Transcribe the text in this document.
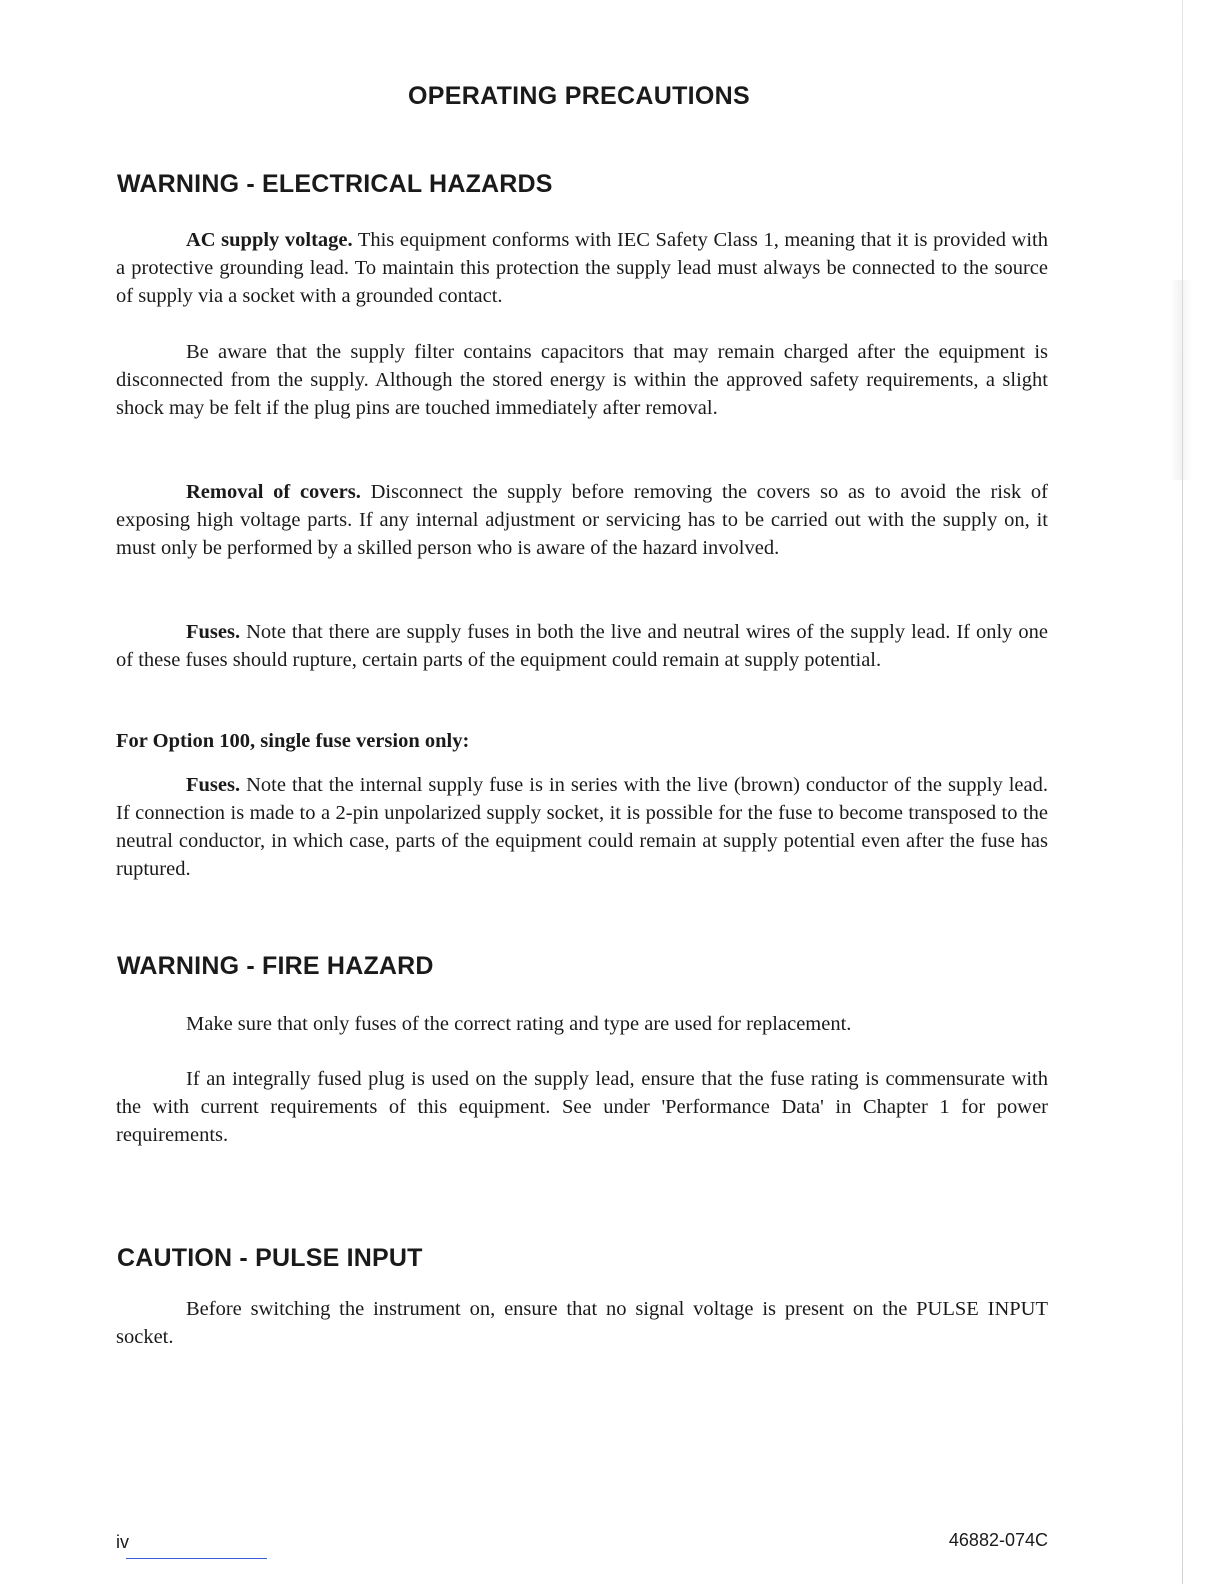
OPERATING PRECAUTIONS
WARNING - ELECTRICAL HAZARDS

AC supply voltage. This equipment conforms with IEC Safety Class 1, meaning that it is provided with a protective grounding lead. To maintain this protection the supply lead must always be connected to the source of supply via a socket with a grounded contact.

Be aware that the supply filter contains capacitors that may remain charged after the equipment is disconnected from the supply. Although the stored energy is within the approved safety requirements, a slight shock may be felt if the plug pins are touched immediately after removal.

Removal of covers. Disconnect the supply before removing the covers so as to avoid the risk of exposing high voltage parts. If any internal adjustment or servicing has to be carried out with the supply on, it must only be performed by a skilled person who is aware of the hazard involved.

Fuses. Note that there are supply fuses in both the live and neutral wires of the supply lead. If only one of these fuses should rupture, certain parts of the equipment could remain at supply potential.

For Option 100, single fuse version only:

Fuses. Note that the internal supply fuse is in series with the live (brown) conductor of the supply lead. If connection is made to a 2-pin unpolarized supply socket, it is possible for the fuse to become transposed to the neutral conductor, in which case, parts of the equipment could remain at supply potential even after the fuse has ruptured.

WARNING - FIRE HAZARD

Make sure that only fuses of the correct rating and type are used for replacement.

If an integrally fused plug is used on the supply lead, ensure that the fuse rating is commensurate with the with current requirements of this equipment. See under 'Performance Data' in Chapter 1 for power requirements.

CAUTION - PULSE INPUT

Before switching the instrument on, ensure that no signal voltage is present on the PULSE INPUT socket.

iv	46882-074C
